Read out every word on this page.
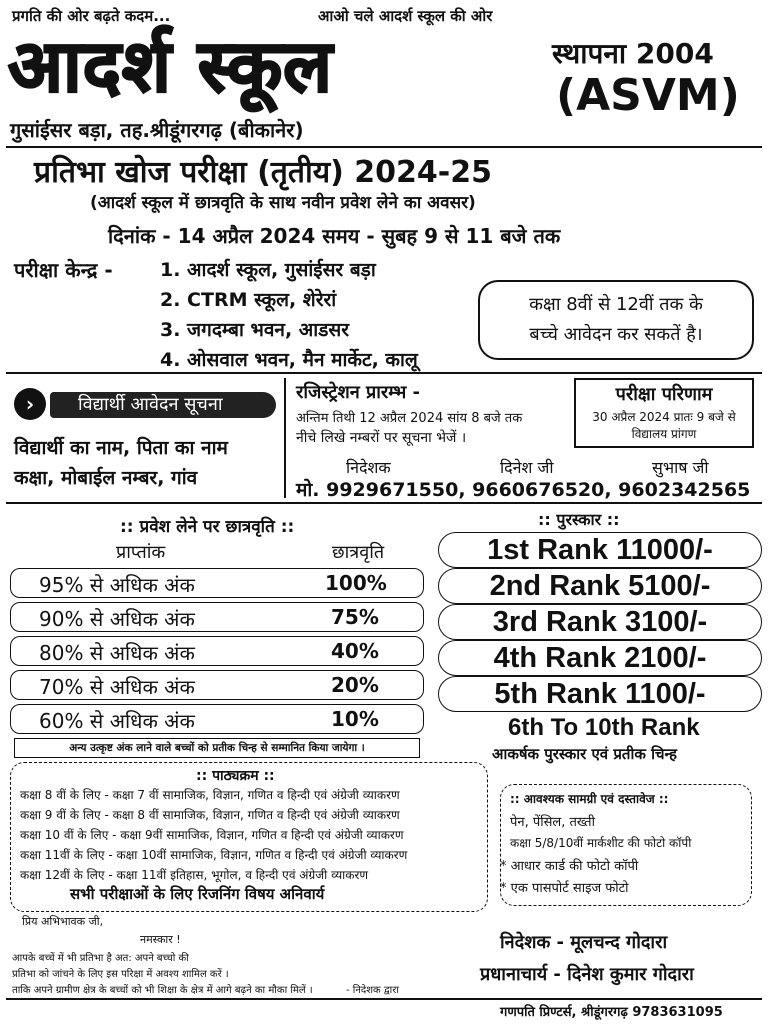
प्रगति की ओर बढ़ते कदम...	आओ चले आदर्श स्कूल की ओर
आदर्श स्कूल	स्थापना 2004
(ASVM)
गुसांईसर बड़ा, तह.श्रीडूंगरगढ़ (बीकानेर)
प्रतिभा खोज परीक्षा (तृतीय) 2024-25
(आदर्श स्कूल में छात्रवृति के साथ नवीन प्रवेश लेने का अवसर)
दिनांक - 14 अप्रैल 2024 समय - सुबह 9 से 11 बजे तक
परीक्षा केन्द्र - 1. आदर्श स्कूल, गुसांईसर बड़ा
2. CTRM स्कूल, शेरेरां
3. जगदम्बा भवन, आडसर
4. ओसवाल भवन, मैन मार्केट, कालू
कक्षा 8वीं से 12वीं तक के
बच्चे आवेदन कर सकतें है।
›	विद्यार्थी आवेदन सूचना
विद्यार्थी का नाम, पिता का नाम
कक्षा, मोबाईल नम्बर, गांव
रजिस्ट्रेशन प्रारम्भ -
अन्तिम तिथी 12 अप्रैल 2024 सांय 8 बजे तक
नीचे लिखे नम्बरों पर सूचना भेजें ।
परीक्षा परिणाम
30 अप्रैल 2024 प्रातः 9 बजे से
विद्यालय प्रांगण
निदेशक	दिनेश जी	सुभाष जी
मो. 9929671550, 9660676520, 9602342565
:: प्रवेश लेने पर छात्रवृति ::
प्राप्तांक	छात्रवृति
95% से अधिक अंक	100%
90% से अधिक अंक	75%
80% से अधिक अंक	40%
70% से अधिक अंक	20%
60% से अधिक अंक	10%
अन्य उत्कृष्ट अंक लाने वाले बच्चों को प्रतीक चिन्ह से सम्मानित किया जायेगा ।
:: पुरस्कार ::
1st Rank 11000/-
2nd Rank 5100/-
3rd Rank 3100/-
4th Rank 2100/-
5th Rank 1100/-
6th To 10th Rank
आकर्षक पुरस्कार एवं प्रतीक चिन्ह
:: पाठ्यक्रम ::
कक्षा 8 वीं के लिए - कक्षा 7 वीं सामाजिक, विज्ञान, गणित व हिन्दी एवं अंग्रेजी व्याकरण
कक्षा 9 वीं के लिए - कक्षा 8 वीं सामाजिक, विज्ञान, गणित व हिन्दी एवं अंग्रेजी व्याकरण
कक्षा 10 वीं के लिए - कक्षा 9वीं सामाजिक, विज्ञान, गणित व हिन्दी एवं अंग्रेजी व्याकरण
कक्षा 11वीं के लिए - कक्षा 10वीं सामाजिक, विज्ञान, गणित व हिन्दी एवं अंग्रेजी व्याकरण
कक्षा 12वीं के लिए - कक्षा 11वीं इतिहास, भूगोल, व हिन्दी एवं अंग्रेजी व्याकरण
सभी परीक्षाओं के लिए रिजनिंग विषय अनिवार्य
:: आवश्यक सामग्री एवं दस्तावेज ::
पेन, पेंसिल, तख्ती
कक्षा 5/8/10वीं मार्कशीट की फोटो कॉपी
* आधार कार्ड की फोटो कॉपी
* एक पासपोर्ट साइज फोटो
प्रिय अभिभावक जी,
नमस्कार !
आपके बच्चें में भी प्रतिभा है अत: अपने बच्चो की
प्रतिभा को जांचने के लिए इस परिक्षा में अवश्य शामिल करें ।
ताकि अपने ग्रामीण क्षेत्र के बच्चों को भी शिक्षा के क्षेत्र में आगे बढ़ने का मौका मिलें ।	- निदेशक द्वारा
निदेशक - मूलचन्द गोदारा
प्रधानाचार्य - दिनेश कुमार गोदारा
गणपति प्रिण्टर्स, श्रीडूंगरगढ़ 9783631095
